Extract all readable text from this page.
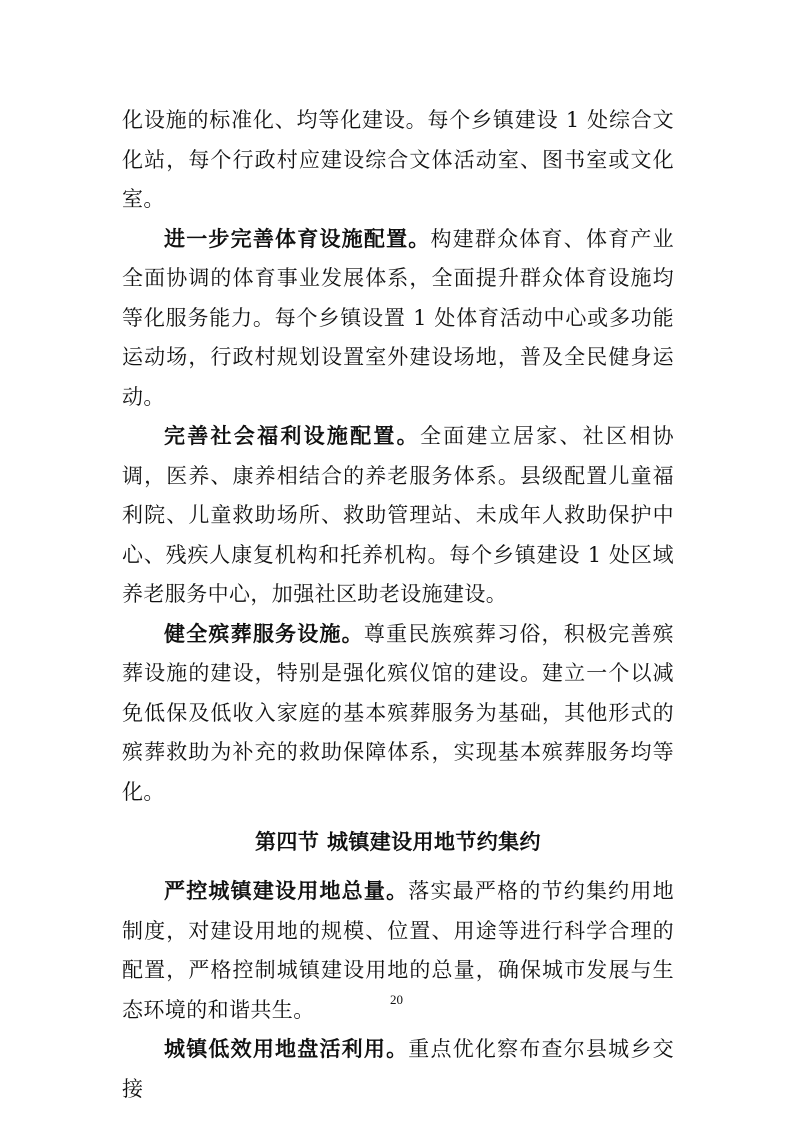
化设施的标准化、均等化建设。每个乡镇建设 1 处综合文化站，每个行政村应建设综合文体活动室、图书室或文化室。

进一步完善体育设施配置。构建群众体育、体育产业全面协调的体育事业发展体系，全面提升群众体育设施均等化服务能力。每个乡镇设置 1 处体育活动中心或多功能运动场，行政村规划设置室外建设场地，普及全民健身运动。

完善社会福利设施配置。全面建立居家、社区相协调，医养、康养相结合的养老服务体系。县级配置儿童福利院、儿童救助场所、救助管理站、未成年人救助保护中心、残疾人康复机构和托养机构。每个乡镇建设 1 处区域养老服务中心，加强社区助老设施建设。

健全殡葬服务设施。尊重民族殡葬习俗，积极完善殡葬设施的建设，特别是强化殡仪馆的建设。建立一个以减免低保及低收入家庭的基本殡葬服务为基础，其他形式的殡葬救助为补充的救助保障体系，实现基本殡葬服务均等化。

第四节 城镇建设用地节约集约

严控城镇建设用地总量。落实最严格的节约集约用地制度，对建设用地的规模、位置、用途等进行科学合理的配置，严格控制城镇建设用地的总量，确保城市发展与生态环境的和谐共生。

城镇低效用地盘活利用。重点优化察布查尔县城乡交接

20
